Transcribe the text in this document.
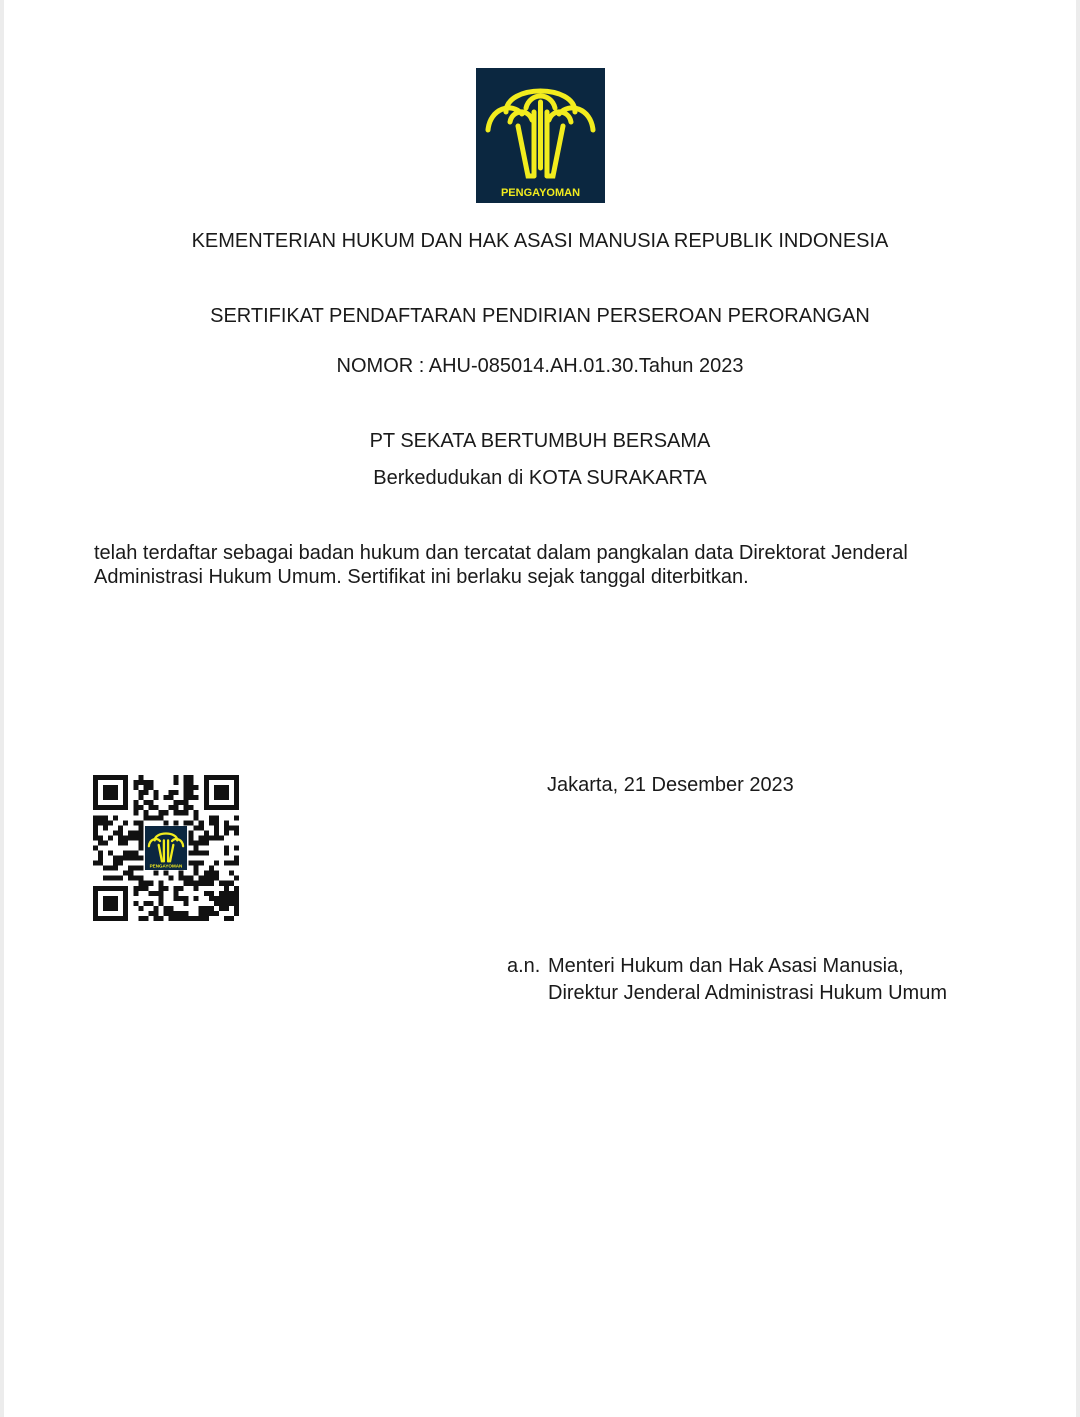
PENGAYOMAN
KEMENTERIAN HUKUM DAN HAK ASASI MANUSIA REPUBLIK INDONESIA
SERTIFIKAT PENDAFTARAN PENDIRIAN PERSEROAN PERORANGAN
NOMOR : AHU-085014.AH.01.30.Tahun 2023
PT SEKATA BERTUMBUH BERSAMA
Berkedudukan di KOTA SURAKARTA
telah terdaftar sebagai badan hukum dan tercatat dalam pangkalan data Direktorat Jenderal Administrasi Hukum Umum. Sertifikat ini berlaku sejak tanggal diterbitkan.
PENGAYOMAN
Jakarta, 21 Desember 2023
a.n. Menteri Hukum dan Hak Asasi Manusia,
Direktur Jenderal Administrasi Hukum Umum
